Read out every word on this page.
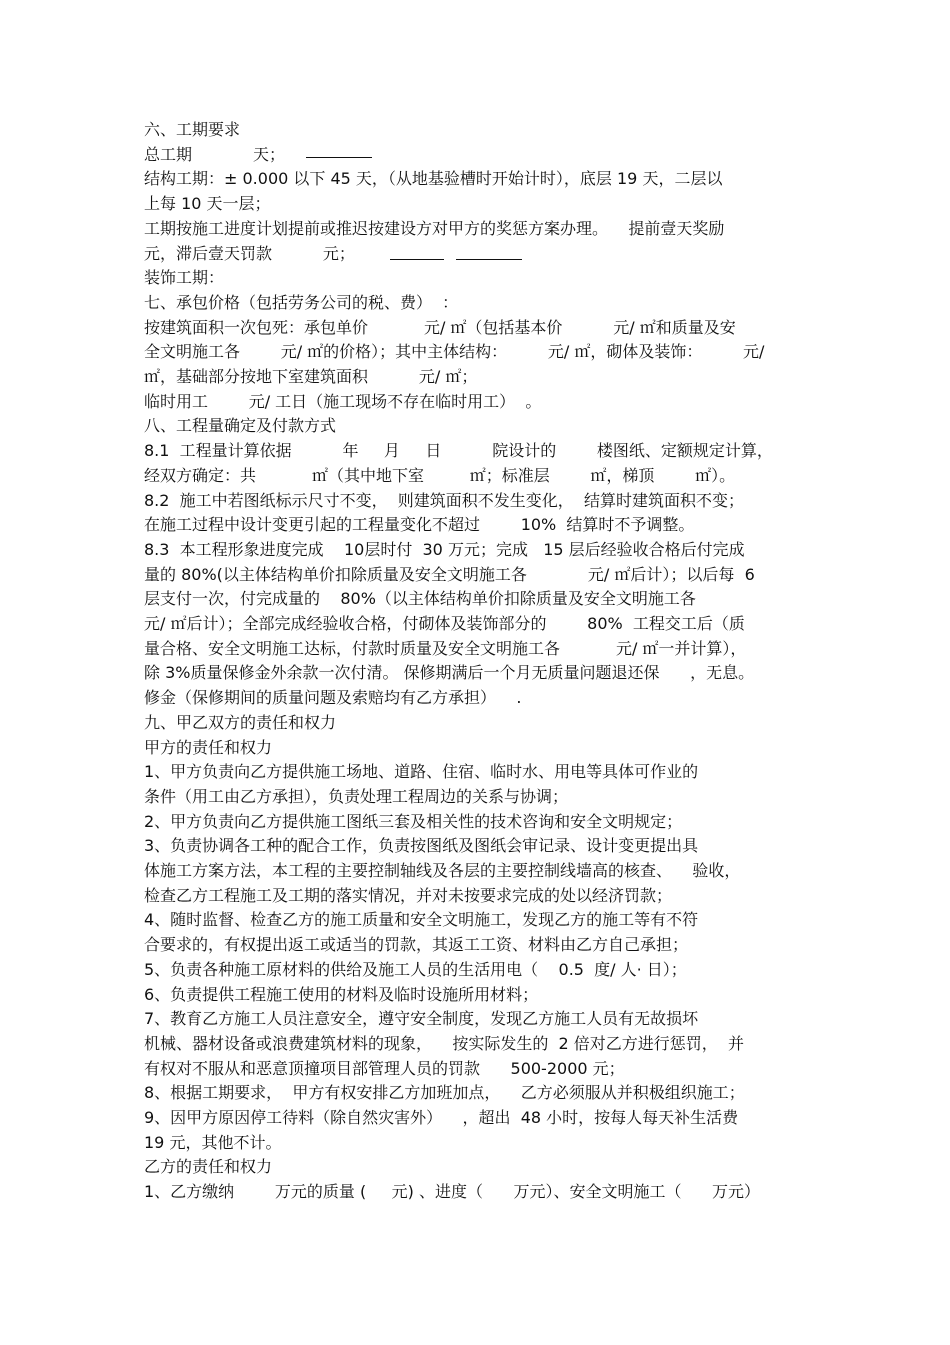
六、工期要求
总工期            天；
结构工期：± 0.000 以下 45 天，（从地基验槽时开始计时），底层 19 天，二层以
上每 10 天一层；
工期按施工进度计划提前或推迟按建设方对甲方的奖惩方案办理。    提前壹天奖励
元，滞后壹天罚款          元；
装饰工期：
七、承包价格（包括劳务公司的税、费）  ：
按建筑面积一次包死：承包单价           元/ ㎡（包括基本价          元/ ㎡和质量及安
全文明施工各        元/ ㎡的价格）；其中主体结构：        元/ ㎡，砌体及装饰：        元/
㎡，基础部分按地下室建筑面积          元/ ㎡；
临时用工        元/ 工日（施工现场不存在临时用工）  。
八、工程量确定及付款方式
8.1  工程量计算依据          年     月     日          院设计的        楼图纸、定额规定计算，
经双方确定：共           ㎡（其中地下室         ㎡；标准层        ㎡，梯顶        ㎡）。
8.2  施工中若图纸标示尺寸不变，  则建筑面积不发生变化，  结算时建筑面积不变；
在施工过程中设计变更引起的工程量变化不超过        10%  结算时不予调整。
8.3  本工程形象进度完成    10层时付  30 万元；完成   15 层后经验收合格后付完成
量的 80%(以主体结构单价扣除质量及安全文明施工各            元/ ㎡后计）；以后每  6
层支付一次，付完成量的    80%（以主体结构单价扣除质量及安全文明施工各
元/ ㎡后计）；全部完成经验收合格，付砌体及装饰部分的        80%  工程交工后（质
量合格、安全文明施工达标，付款时质量及安全文明施工各           元/ ㎡一并计算），
除 3%质量保修金外余款一次付清。 保修期满后一个月无质量问题退还保      ，无息。
修金（保修期间的质量问题及索赔均有乙方承担）    .
九、甲乙双方的责任和权力
甲方的责任和权力
1、甲方负责向乙方提供施工场地、道路、住宿、临时水、用电等具体可作业的
条件（用工由乙方承担），负责处理工程周边的关系与协调；
2、甲方负责向乙方提供施工图纸三套及相关性的技术咨询和安全文明规定；
3、负责协调各工种的配合工作，负责按图纸及图纸会审记录、设计变更提出具
体施工方案方法，本工程的主要控制轴线及各层的主要控制线墙高的核查、    验收，
检查乙方工程施工及工期的落实情况，并对未按要求完成的处以经济罚款；
4、随时监督、检查乙方的施工质量和安全文明施工，发现乙方的施工等有不符
合要求的，有权提出返工或适当的罚款，其返工工资、材料由乙方自己承担；
5、负责各种施工原材料的供给及施工人员的生活用电（    0.5  度/ 人· 日）；
6、负责提供工程施工使用的材料及临时设施所用材料；
7、教育乙方施工人员注意安全，遵守安全制度，发现乙方施工人员有无故损坏
机械、器材设备或浪费建筑材料的现象，    按实际发生的  2 倍对乙方进行惩罚，  并
有权对不服从和恶意顶撞项目部管理人员的罚款      500-2000 元；
8、根据工期要求，  甲方有权安排乙方加班加点，    乙方必须服从并积极组织施工；
9、因甲方原因停工待料（除自然灾害外）    ，超出  48 小时，按每人每天补生活费
19 元，其他不计。
乙方的责任和权力
1、乙方缴纳        万元的质量 (     元) 、进度（      万元）、安全文明施工（      万元）
